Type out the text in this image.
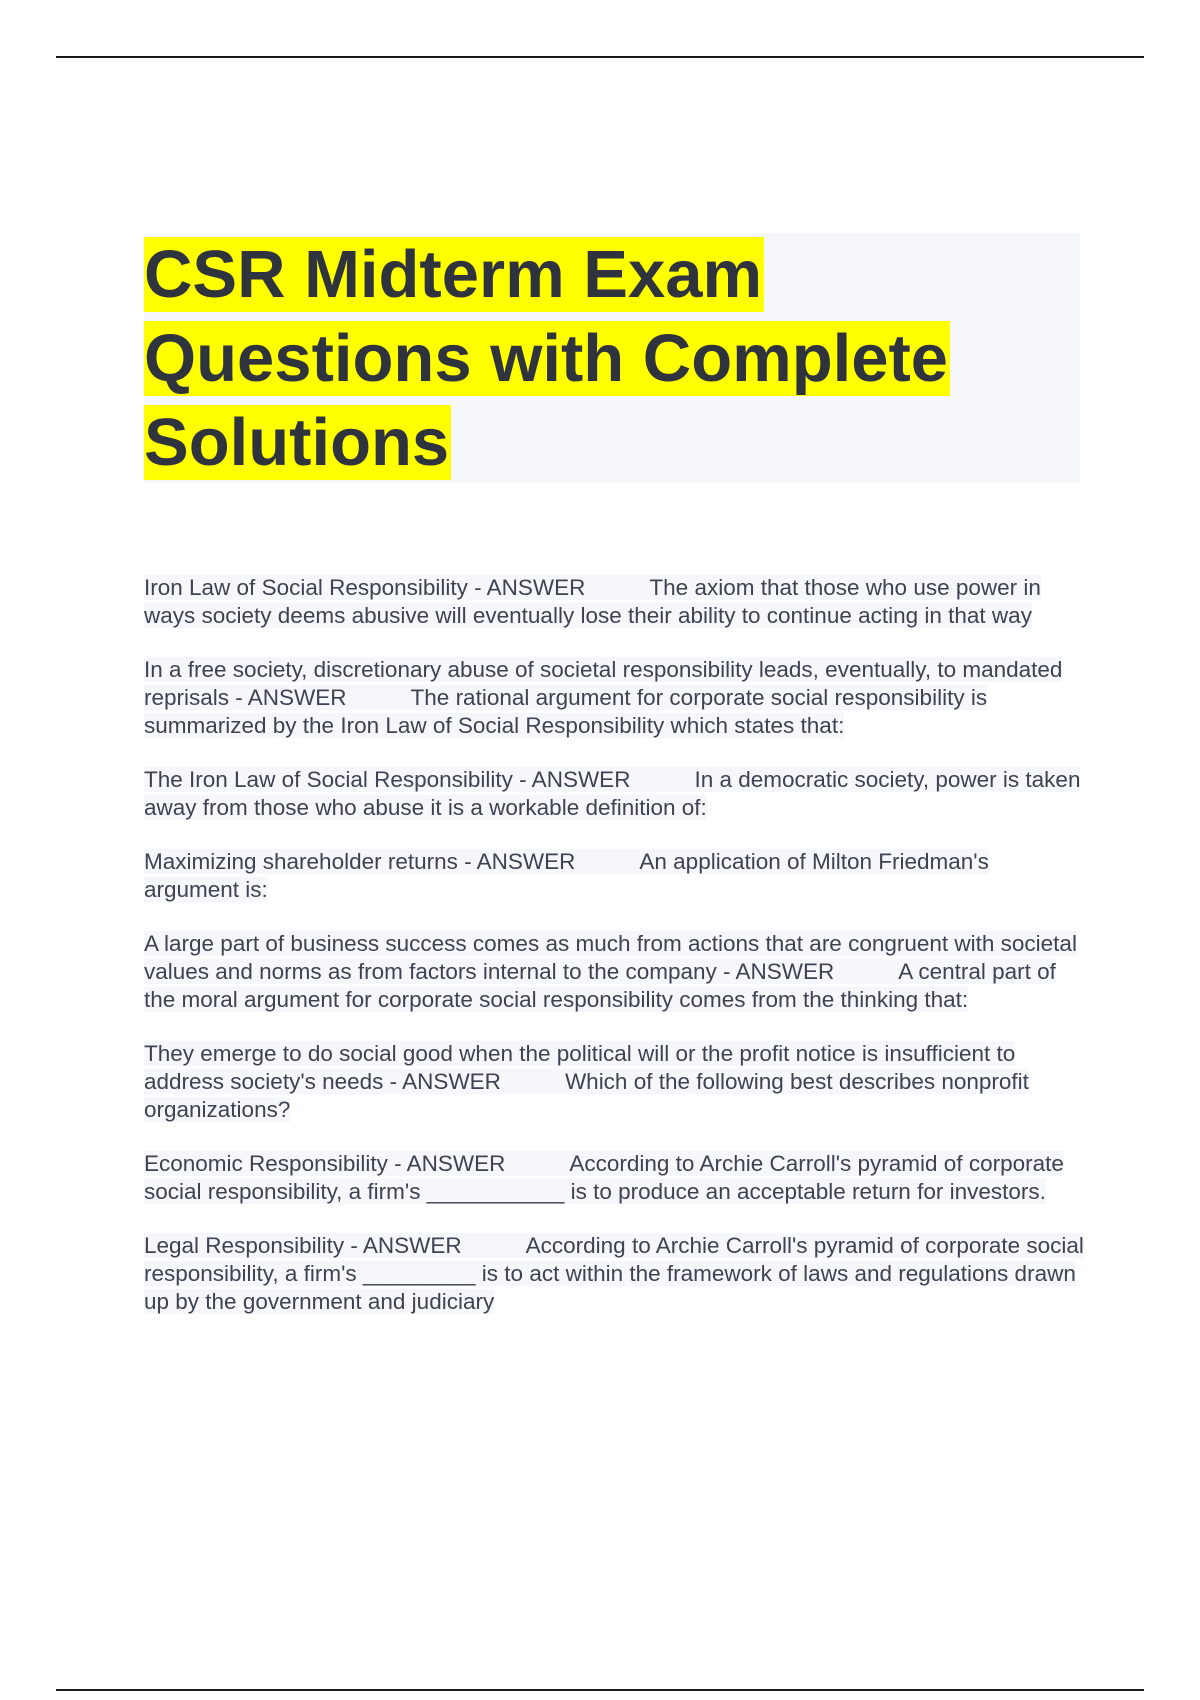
CSR Midterm Exam
Questions with Complete
Solutions

Iron Law of Social Responsibility - ANSWER	The axiom that those who use power in ways society deems abusive will eventually lose their ability to continue acting in that way

In a free society, discretionary abuse of societal responsibility leads, eventually, to mandated reprisals - ANSWER	The rational argument for corporate social responsibility is summarized by the Iron Law of Social Responsibility which states that:

The Iron Law of Social Responsibility - ANSWER	In a democratic society, power is taken away from those who abuse it is a workable definition of:

Maximizing shareholder returns - ANSWER	An application of Milton Friedman's argument is:

A large part of business success comes as much from actions that are congruent with societal values and norms as from factors internal to the company - ANSWER	A central part of the moral argument for corporate social responsibility comes from the thinking that:

They emerge to do social good when the political will or the profit notice is insufficient to address society's needs - ANSWER	Which of the following best describes nonprofit organizations?

Economic Responsibility - ANSWER	According to Archie Carroll's pyramid of corporate social responsibility, a firm's ___________ is to produce an acceptable return for investors.

Legal Responsibility - ANSWER	According to Archie Carroll's pyramid of corporate social responsibility, a firm's _________ is to act within the framework of laws and regulations drawn up by the government and judiciary
